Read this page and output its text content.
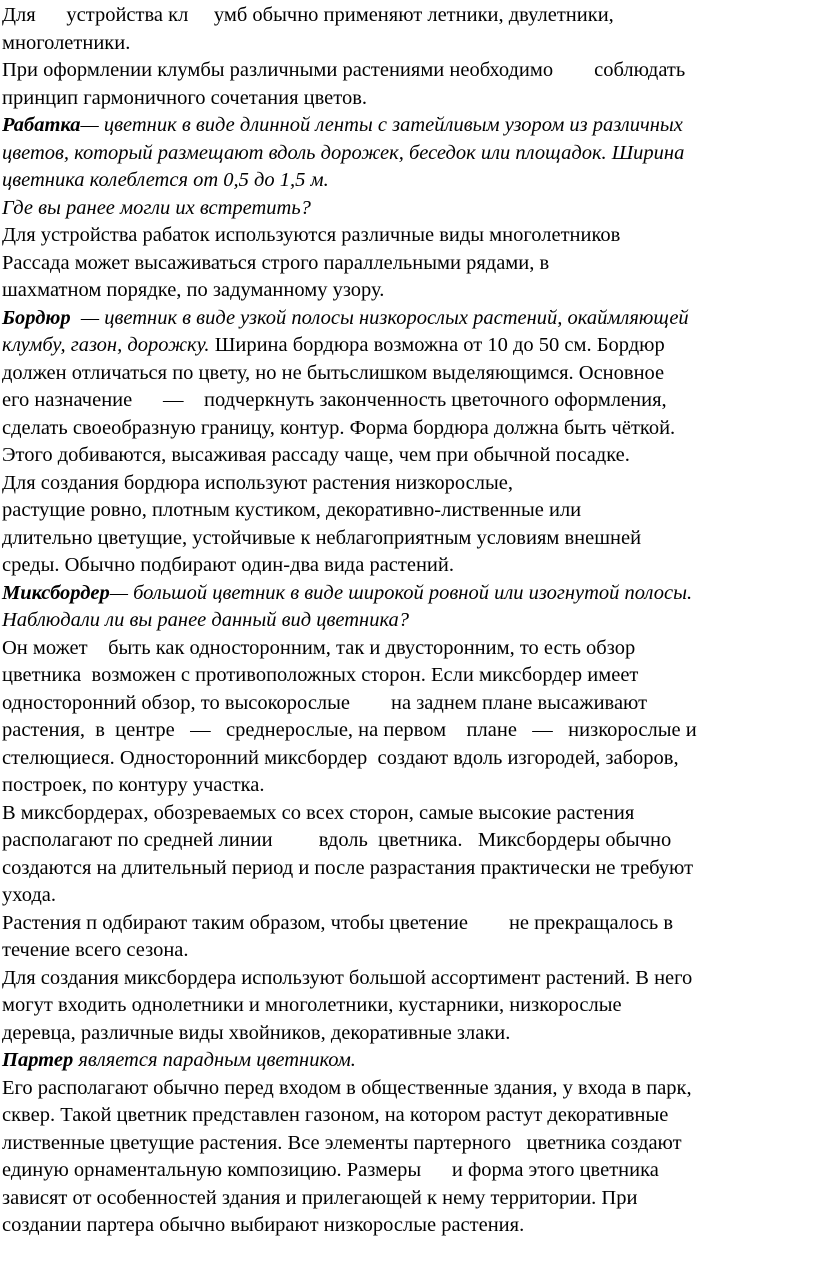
Для      устройства кл     умб обычно применяют летники, двулетники,
многолетники.
При оформлении клумбы различными растениями необходимо        соблюдать
принцип гармоничного сочетания цветов.
Рабатка— цветник в виде длинной ленты с затейливым узором из различных
цветов, который размещают вдоль дорожек, беседок или площадок. Ширина
цветника колеблется от 0,5 до 1,5 м.
Где вы ранее могли их встретить?
Для устройства рабаток используются различные виды многолетников
Рассада может высаживаться строго параллельными рядами, в
шахматном порядке, по задуманному узору.
Бордюр  — цветник в виде узкой полосы низкорослых растений, окаймляющей
клумбу, газон, дорожку. Ширина бордюра возможна от 10 до 50 см. Бордюр
должен отличаться по цвету, но не бытьслишком выделяющимся. Основное
его назначение      —    подчеркнуть законченность цветочного оформления,
сделать своеобразную границу, контур. Форма бордюра должна быть чёткой.
Этого добиваются, высаживая рассаду чаще, чем при обычной посадке.
Для создания бордюра используют растения низкорослые,
растущие ровно, плотным кустиком, декоративно-лиственные или
длительно цветущие, устойчивые к неблагоприятным условиям внешней
среды. Обычно подбирают один-два вида растений.
Миксбордер— большой цветник в виде широкой ровной или изогнутой полосы.
Наблюдали ли вы ранее данный вид цветника?
Он может    быть как односторонним, так и двусторонним, то есть обзор
цветника  возможен с противоположных сторон. Если миксбордер имеет
односторонний обзор, то высокорослые        на заднем плане высаживают
растения,  в  центре   —   среднерослые, на первом    плане   —   низкорослые и
стелющиеся. Односторонний миксбордер  создают вдоль изгородей, заборов,
построек, по контуру участка.
В миксбордерах, обозреваемых со всех сторон, самые высокие растения
располагают по средней линии         вдоль  цветника.   Миксбордеры обычно
создаются на длительный период и после разрастания практически не требуют
ухода.
Растения п одбирают таким образом, чтобы цветение        не прекращалось в
течение всего сезона.
Для создания миксбордера используют большой ассортимент растений. В него
могут входить однолетники и многолетники, кустарники, низкорослые
деревца, различные виды хвойников, декоративные злаки.
Партер является парадным цветником.
Его располагают обычно перед входом в общественные здания, у входа в парк,
сквер. Такой цветник представлен газоном, на котором растут декоративные
лиственные цветущие растения. Все элементы партерного   цветника создают
единую орнаментальную композицию. Размеры      и форма этого цветника
зависят от особенностей здания и прилегающей к нему территории. При
создании партера обычно выбирают низкорослые растения.
